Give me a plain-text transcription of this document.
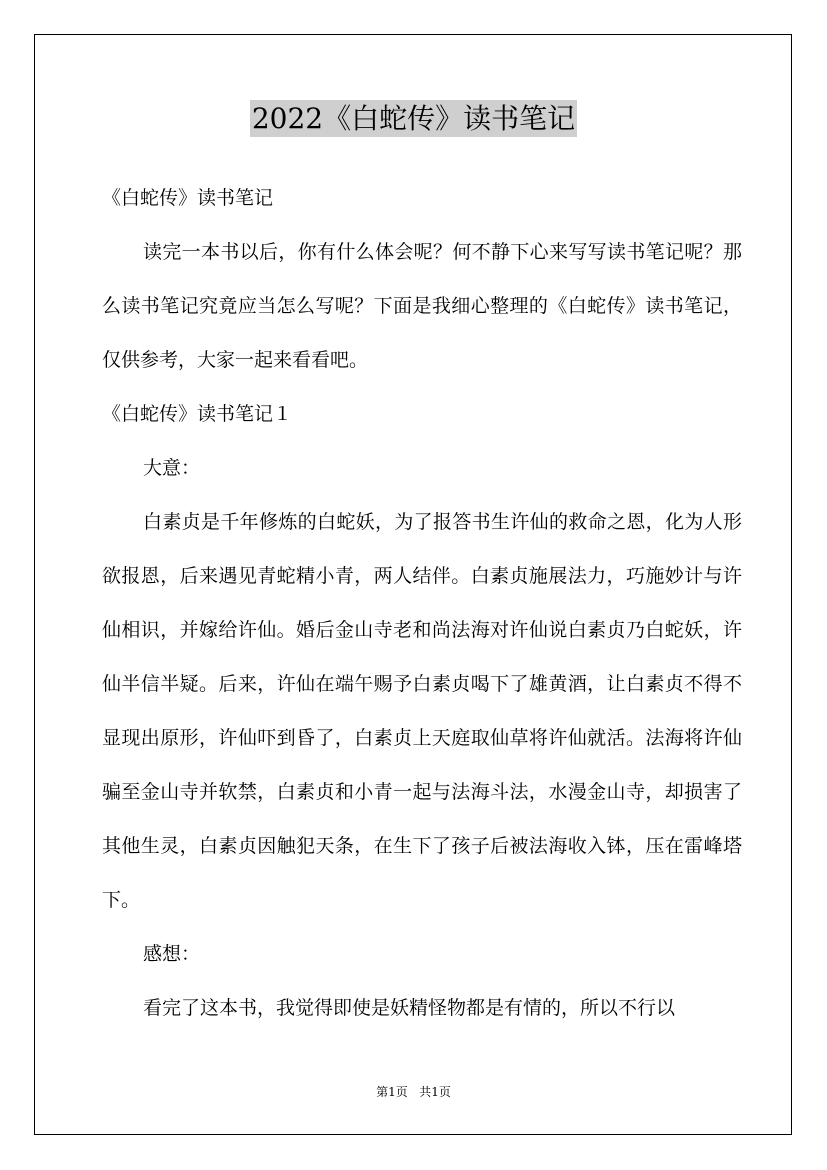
2022《白蛇传》读书笔记

《白蛇传》读书笔记

读完一本书以后，你有什么体会呢？何不静下心来写写读书笔记呢？那么读书笔记究竟应当怎么写呢？下面是我细心整理的《白蛇传》读书笔记，仅供参考，大家一起来看看吧。

《白蛇传》读书笔记１

大意：

白素贞是千年修炼的白蛇妖，为了报答书生许仙的救命之恩，化为人形欲报恩，后来遇见青蛇精小青，两人结伴。白素贞施展法力，巧施妙计与许仙相识，并嫁给许仙。婚后金山寺老和尚法海对许仙说白素贞乃白蛇妖，许仙半信半疑。后来，许仙在端午赐予白素贞喝下了雄黄酒，让白素贞不得不显现出原形，许仙吓到昏了，白素贞上天庭取仙草将许仙就活。法海将许仙骗至金山寺并软禁，白素贞和小青一起与法海斗法，水漫金山寺，却损害了其他生灵，白素贞因触犯天条，在生下了孩子后被法海收入钵，压在雷峰塔下。

感想：

看完了这本书，我觉得即使是妖精怪物都是有情的，所以不行以

第1页   共1页
